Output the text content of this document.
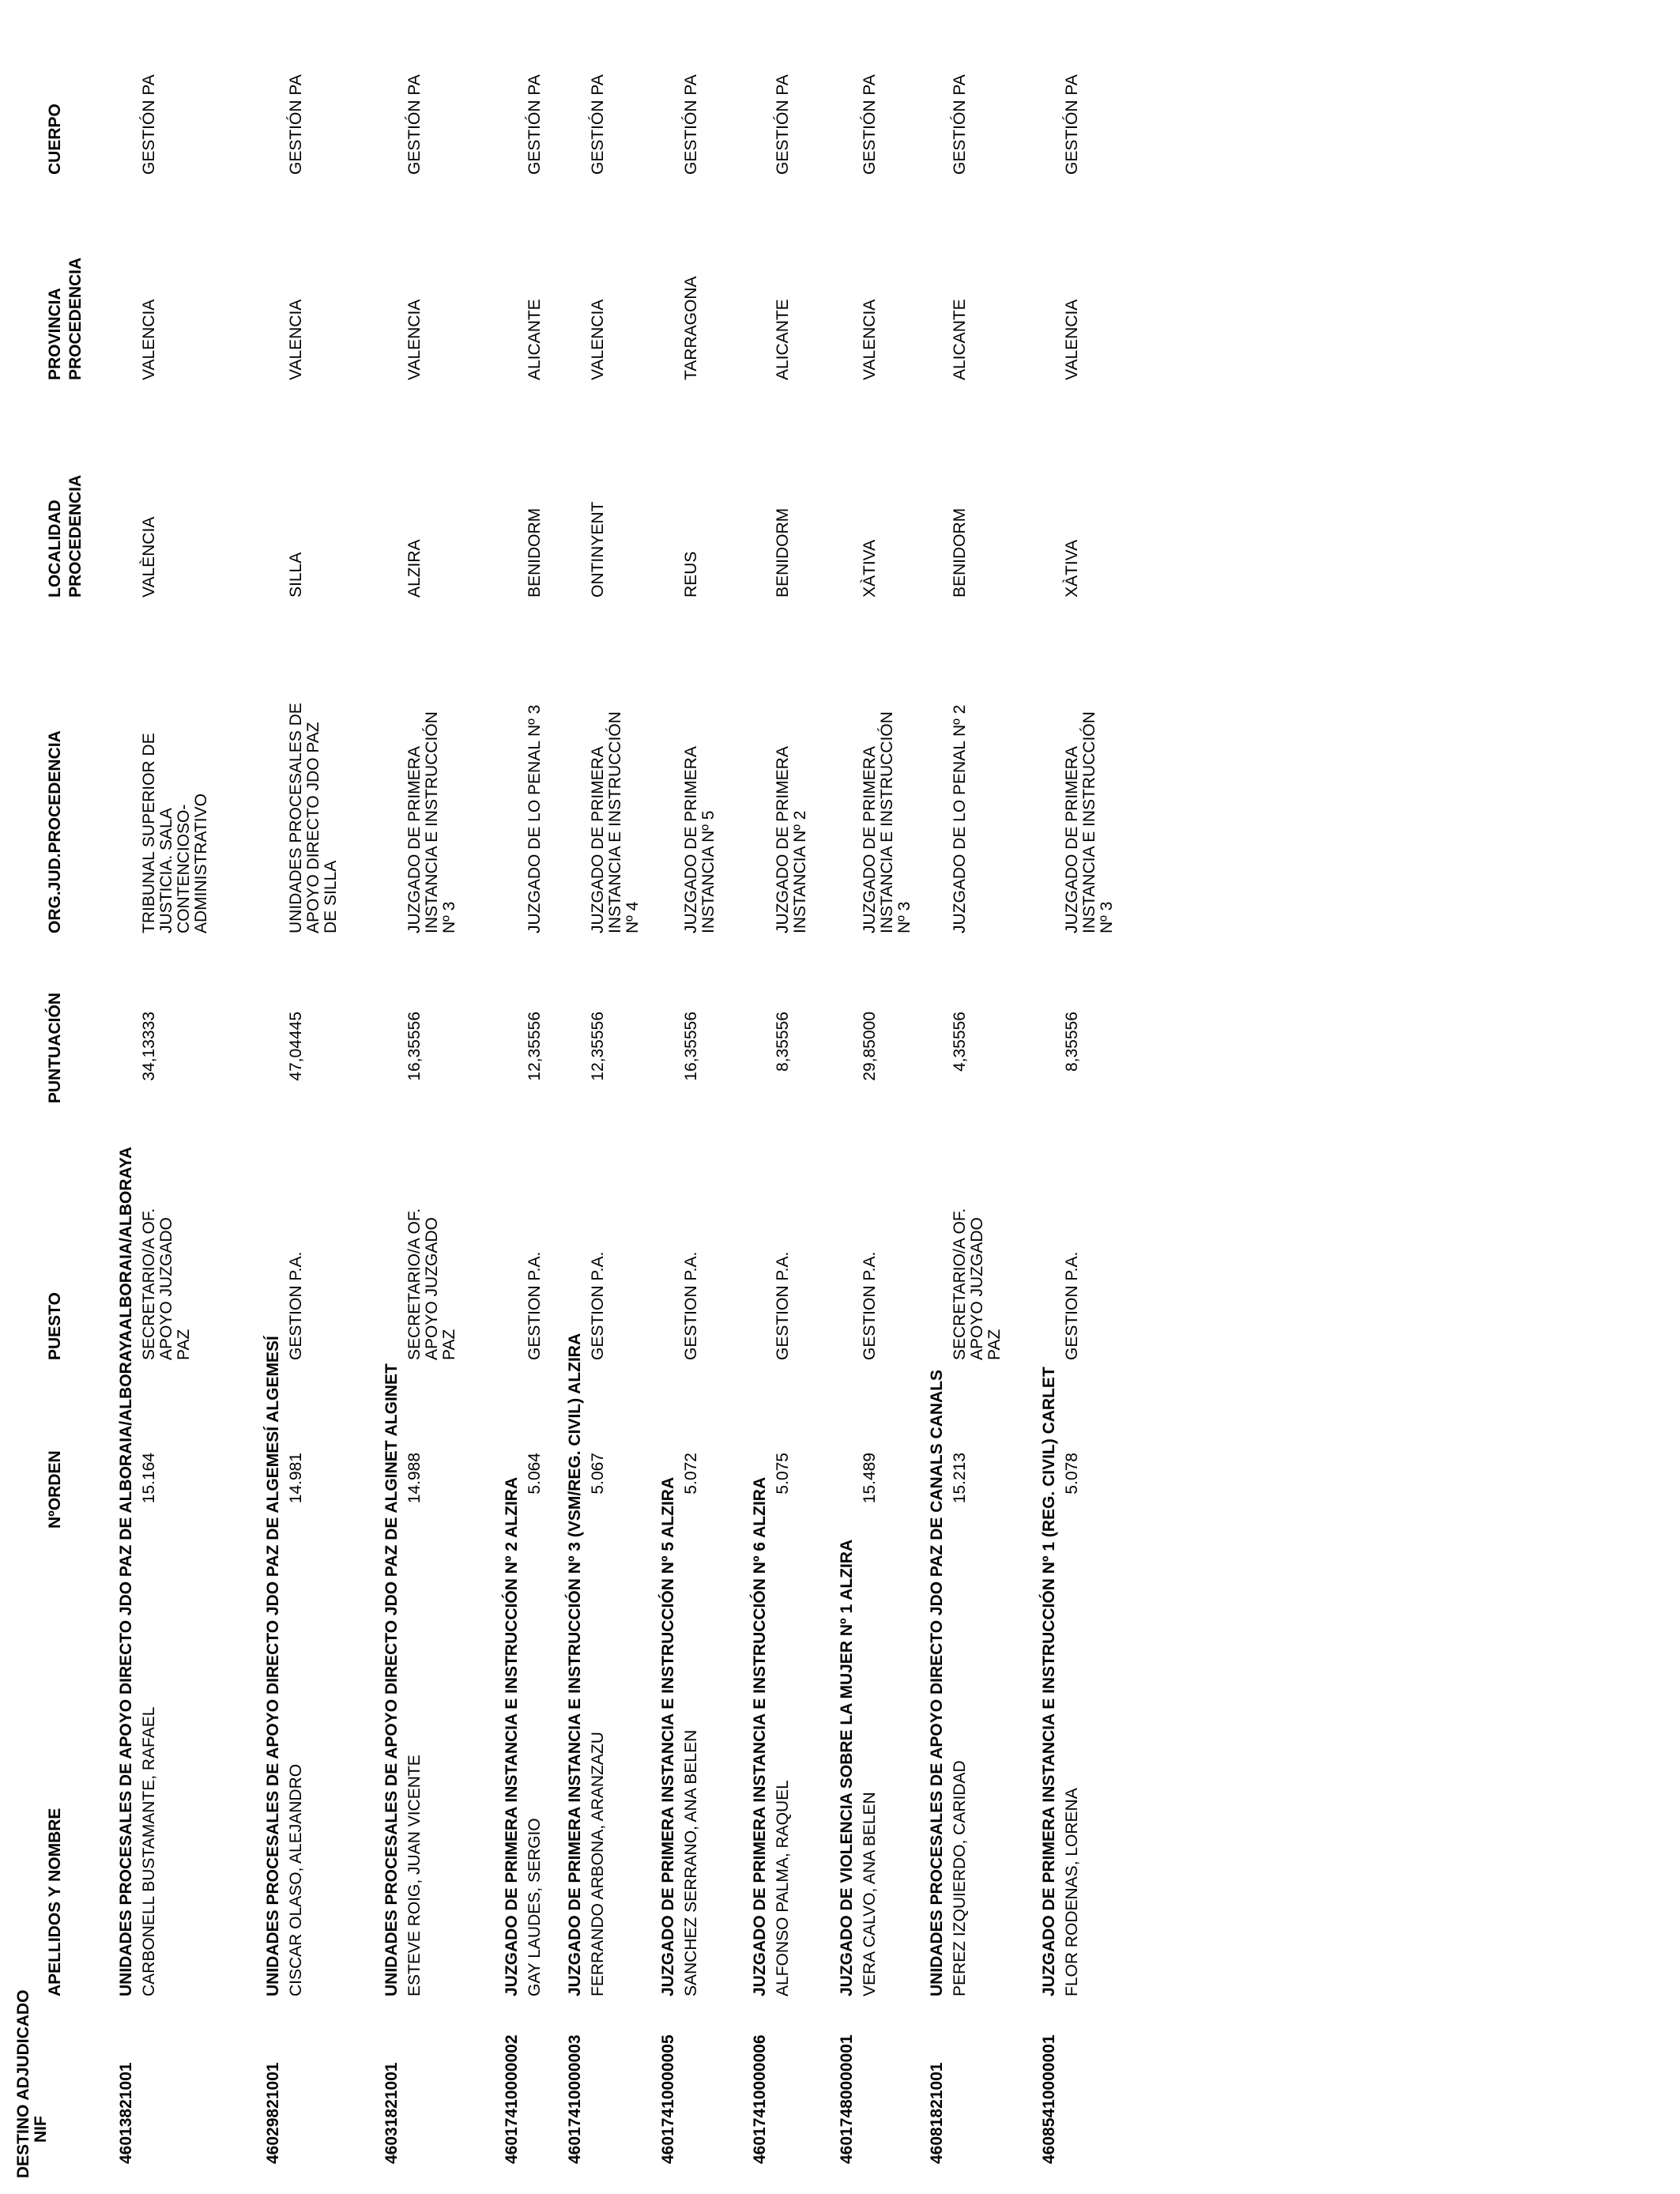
DESTINO ADJUDICADO NIF
APELLIDOS Y NOMBRE
NºORDEN
PUESTO
PUNTUACIÓN
ORG.JUD.PROCEDENCIA
LOCALIDAD PROCEDENCIA
PROVINCIA PROCEDENCIA
CUERPO
46013821001
UNIDADES PROCESALES DE APOYO DIRECTO JDO PAZ DE ALBORAIA/ALBORAYAALBORAIA/ALBORAYA CARBONELL BUSTAMANTE, RAFAEL
15.164
SECRETARIO/A OF. APOYO JUZGADO PAZ
34,13333
TRIBUNAL SUPERIOR DE JUSTICIA. SALA CONTENCIOSO-ADMINISTRATIVO
VALÈNCIA
VALENCIA
GESTIÓN PA
46029821001
UNIDADES PROCESALES DE APOYO DIRECTO JDO PAZ DE ALGEMESÍ ALGEMESÍ CISCAR OLASO, ALEJANDRO
14.981
GESTION P.A.
47,04445
UNIDADES PROCESALES DE APOYO DIRECTO JDO PAZ DE SILLA
SILLA
VALENCIA
GESTIÓN PA
46031821001
UNIDADES PROCESALES DE APOYO DIRECTO JDO PAZ DE ALGINET ALGINET ESTEVE ROIG, JUAN VICENTE
14.988
SECRETARIO/A OF. APOYO JUZGADO PAZ
16,35556
JUZGADO DE PRIMERA INSTANCIA E INSTRUCCIÓN Nº 3
ALZIRA
VALENCIA
GESTIÓN PA
46017410000002
JUZGADO DE PRIMERA INSTANCIA E INSTRUCCIÓN Nº 2 ALZIRA GAY LAUDES, SERGIO
5.064
GESTION P.A.
12,35556
JUZGADO DE LO PENAL Nº 3
BENIDORM
ALICANTE
GESTIÓN PA
46017410000003
JUZGADO DE PRIMERA INSTANCIA E INSTRUCCIÓN Nº 3 (VSM/REG. CIVIL) ALZIRA FERRANDO ARBONA, ARANZAZU
5.067
GESTION P.A.
12,35556
JUZGADO DE PRIMERA INSTANCIA E INSTRUCCIÓN Nº 4
ONTINYENT
VALENCIA
GESTIÓN PA
46017410000005
JUZGADO DE PRIMERA INSTANCIA E INSTRUCCIÓN Nº 5 ALZIRA SANCHEZ SERRANO, ANA BELEN
5.072
GESTION P.A.
16,35556
JUZGADO DE PRIMERA INSTANCIA Nº 5
REUS
TARRAGONA
GESTIÓN PA
46017410000006
JUZGADO DE PRIMERA INSTANCIA E INSTRUCCIÓN Nº 6 ALZIRA ALFONSO PALMA, RAQUEL
5.075
GESTION P.A.
8,35556
JUZGADO DE PRIMERA INSTANCIA Nº 2
BENIDORM
ALICANTE
GESTIÓN PA
46017480000001
JUZGADO DE VIOLENCIA SOBRE LA MUJER Nº 1 ALZIRA VERA CALVO, ANA BELEN
15.489
GESTION P.A.
29,85000
JUZGADO DE PRIMERA INSTANCIA E INSTRUCCIÓN Nº 3
XÀTIVA
VALENCIA
GESTIÓN PA
46081821001
UNIDADES PROCESALES DE APOYO DIRECTO JDO PAZ DE CANALS CANALS PEREZ IZQUIERDO, CARIDAD
15.213
SECRETARIO/A OF. APOYO JUZGADO PAZ
4,35556
JUZGADO DE LO PENAL Nº 2
BENIDORM
ALICANTE
GESTIÓN PA
46085410000001
JUZGADO DE PRIMERA INSTANCIA E INSTRUCCIÓN Nº 1 (REG. CIVIL) CARLET FLOR RODENAS, LORENA
5.078
GESTION P.A.
8,35556
JUZGADO DE PRIMERA INSTANCIA E INSTRUCCIÓN Nº 3
XÀTIVA
VALENCIA
GESTIÓN PA
